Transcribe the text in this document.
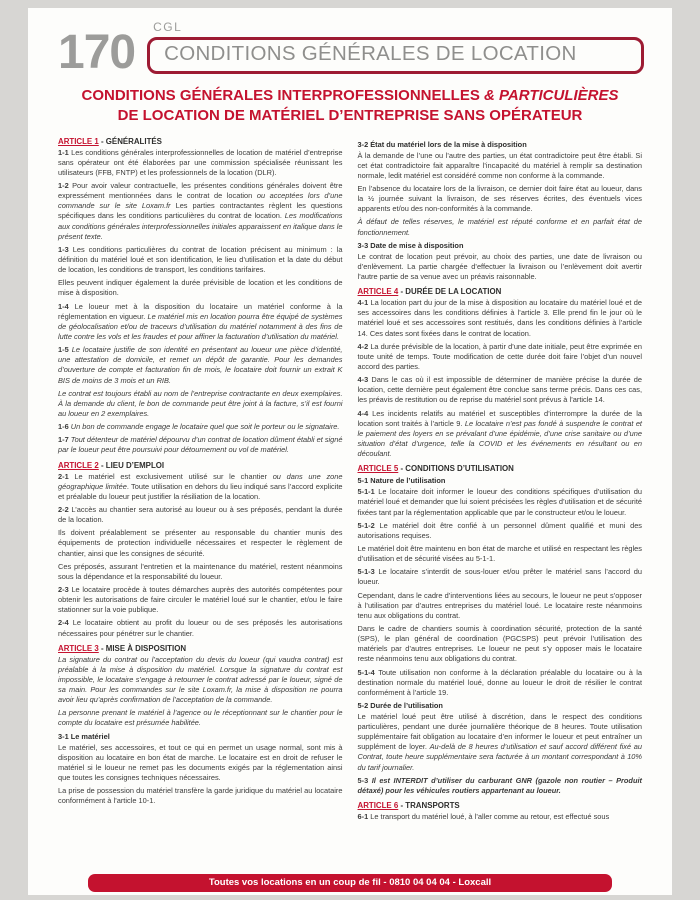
170 CGL
CONDITIONS GÉNÉRALES DE LOCATION
CONDITIONS GÉNÉRALES INTERPROFESSIONNELLES & PARTICULIÈRES
DE LOCATION DE MATÉRIEL D’ENTREPRISE SANS OPÉRATEUR
ARTICLE 1 - GÉNÉRALITÉS

1-1 Les conditions générales interprofessionnelles de location de matériel d’entreprise sans opérateur ont été élaborées par une commission spécialisée réunissant les utilisateurs (FFB, FNTP) et les professionnels de la location (DLR).

1-2 Pour avoir valeur contractuelle, les présentes conditions générales doivent être expressément mentionnées dans le contrat de location ou acceptées lors d’une commande sur le site Loxam.fr Les parties contractantes règlent les questions spécifiques dans les conditions particulières du contrat de location. Les modifications aux conditions générales interprofessionnelles initiales apparaissent en italique dans le présent texte.

1-3 Les conditions particulières du contrat de location précisent au minimum : la définition du matériel loué et son identification, le lieu d’utilisation et la date du début de location, les conditions de transport, les conditions tarifaires.

Elles peuvent indiquer également la durée prévisible de location et les conditions de mise à disposition.

1-4 Le loueur met à la disposition du locataire un matériel conforme à la réglementation en vigueur. Le matériel mis en location pourra être équipé de systèmes de géolocalisation et/ou de traceurs d’utilisation du matériel notamment à des fins de lutte contre les vols et les fraudes et pour affiner la facturation d’utilisation du matériel.

1-5 Le locataire justifie de son identité en présentant au loueur une pièce d’identité, une attestation de domicile, et remet un dépôt de garantie. Pour les demandes d’ouverture de compte et facturation fin de mois, le locataire doit fournir un extrait K BIS de moins de 3 mois et un RIB.

Le contrat est toujours établi au nom de l’entreprise contractante en deux exemplaires. À la demande du client, le bon de commande peut être joint à la facture, s’il est fourni au loueur en 2 exemplaires.

1-6 Un bon de commande engage le locataire quel que soit le porteur ou le signataire.

1-7 Tout détenteur de matériel dépourvu d’un contrat de location dûment établi et signé par le loueur peut être poursuivi pour détournement ou vol de matériel.

ARTICLE 2 - LIEU D’EMPLOI

2-1 Le matériel est exclusivement utilisé sur le chantier ou dans une zone géographique limitée. Toute utilisation en dehors du lieu indiqué sans l’accord explicite et préalable du loueur peut justifier la résiliation de la location.

2-2 L’accès au chantier sera autorisé au loueur ou à ses préposés, pendant la durée de la location.

Ils doivent préalablement se présenter au responsable du chantier munis des équipements de protection individuelle nécessaires et respecter le règlement de chantier, ainsi que les consignes de sécurité.

Ces préposés, assurant l’entretien et la maintenance du matériel, restent néanmoins sous la dépendance et la responsabilité du loueur.

2-3 Le locataire procède à toutes démarches auprès des autorités compétentes pour obtenir les autorisations de faire circuler le matériel loué sur le chantier, et/ou le faire stationner sur la voie publique.

2-4 Le locataire obtient au profit du loueur ou de ses préposés les autorisations nécessaires pour pénétrer sur le chantier.

ARTICLE 3 - MISE À DISPOSITION

La signature du contrat ou l’acceptation du devis du loueur (qui vaudra contrat) est préalable à la mise à disposition du matériel. Lorsque la signature du contrat est impossible, le locataire s’engage à retourner le contrat adressé par le loueur, signé de sa main. Pour les commandes sur le site Loxam.fr, la mise à disposition ne pourra avoir lieu qu’après confirmation de l’acceptation de la commande.

La personne prenant le matériel à l’agence ou le réceptionnant sur le chantier pour le compte du locataire est présumée habilitée.

3-1 Le matériel

Le matériel, ses accessoires, et tout ce qui en permet un usage normal, sont mis à disposition au locataire en bon état de marche. Le locataire est en droit de refuser le matériel si le loueur ne remet pas les documents exigés par la réglementation ainsi que toutes les consignes techniques nécessaires.

La prise de possession du matériel transfère la garde juridique du matériel au locataire conformément à l’article 10-1.

3-2 État du matériel lors de la mise à disposition

À la demande de l’une ou l’autre des parties, un état contradictoire peut être établi. Si cet état contradictoire fait apparaître l’incapacité du matériel à remplir sa destination normale, ledit matériel est considéré comme non conforme à la commande.

En l’absence du locataire lors de la livraison, ce dernier doit faire état au loueur, dans la ½ journée suivant la livraison, de ses réserves écrites, des éventuels vices apparents et/ou des non-conformités à la commande.

À défaut de telles réserves, le matériel est réputé conforme et en parfait état de fonctionnement.

3-3 Date de mise à disposition

Le contrat de location peut prévoir, au choix des parties, une date de livraison ou d’enlèvement. La partie chargée d’effectuer la livraison ou l’enlèvement doit avertir l’autre partie de sa venue avec un préavis raisonnable.

ARTICLE 4 - DURÉE DE LA LOCATION

4-1 La location part du jour de la mise à disposition au locataire du matériel loué et de ses accessoires dans les conditions définies à l’article 3. Elle prend fin le jour où le matériel loué et ses accessoires sont restitués, dans les conditions définies à l’article 14. Ces dates sont fixées dans le contrat de location.

4-2 La durée prévisible de la location, à partir d’une date initiale, peut être exprimée en toute unité de temps. Toute modification de cette durée doit faire l’objet d’un nouvel accord des parties.

4-3 Dans le cas où il est impossible de déterminer de manière précise la durée de location, cette dernière peut également être conclue sans terme précis. Dans ces cas, les préavis de restitution ou de reprise du matériel sont prévus à l’article 14.

4-4 Les incidents relatifs au matériel et susceptibles d’interrompre la durée de la location sont traités à l’article 9. Le locataire n’est pas fondé à suspendre le contrat et le paiement des loyers en se prévalant d’une épidémie, d’une crise sanitaire ou d’une situation d’état d’urgence, telle la COVID et les événements en résultant ou en découlant.

ARTICLE 5 - CONDITIONS D’UTILISATION
5-1 Nature de l’utilisation

5-1-1 Le locataire doit informer le loueur des conditions spécifiques d’utilisation du matériel loué et demander que lui soient précisées les règles d’utilisation et de sécurité fixées tant par la réglementation applicable que par le constructeur et/ou le loueur.

5-1-2 Le matériel doit être confié à un personnel dûment qualifié et muni des autorisations requises.

Le matériel doit être maintenu en bon état de marche et utilisé en respectant les règles d’utilisation et de sécurité visées au 5-1-1.

5-1-3 Le locataire s’interdit de sous-louer et/ou prêter le matériel sans l’accord du loueur.

Cependant, dans le cadre d’interventions liées au secours, le loueur ne peut s’opposer à l’utilisation par d’autres entreprises du matériel loué. Le locataire reste néanmoins tenu aux obligations du contrat.

Dans le cadre de chantiers soumis à coordination sécurité, protection de la santé (SPS), le plan général de coordination (PGCSPS) peut prévoir l’utilisation des matériels par d’autres entreprises. Le loueur ne peut s’y opposer mais le locataire reste néanmoins tenu aux obligations du contrat.

5-1-4 Toute utilisation non conforme à la déclaration préalable du locataire ou à la destination normale du matériel loué, donne au loueur le droit de résilier le contrat conformément à l’article 19.

5-2 Durée de l’utilisation

Le matériel loué peut être utilisé à discrétion, dans le respect des conditions particulières, pendant une durée journalière théorique de 8 heures. Toute utilisation supplémentaire fait obligation au locataire d’en informer le loueur et peut entraîner un supplément de loyer. Au-delà de 8 heures d’utilisation et sauf accord différent fixé au Contrat, toute heure supplémentaire sera facturée à un montant correspondant à 10% du tarif journalier.

5-3 Il est INTERDIT d’utiliser du carburant GNR (gazole non routier – Produit détaxé) pour les véhicules routiers appartenant au loueur.

ARTICLE 6 - TRANSPORTS

6-1 Le transport du matériel loué, à l’aller comme au retour, est effectué sous

Toutes vos locations en un coup de fil - 0810 04 04 04 - Loxcall
